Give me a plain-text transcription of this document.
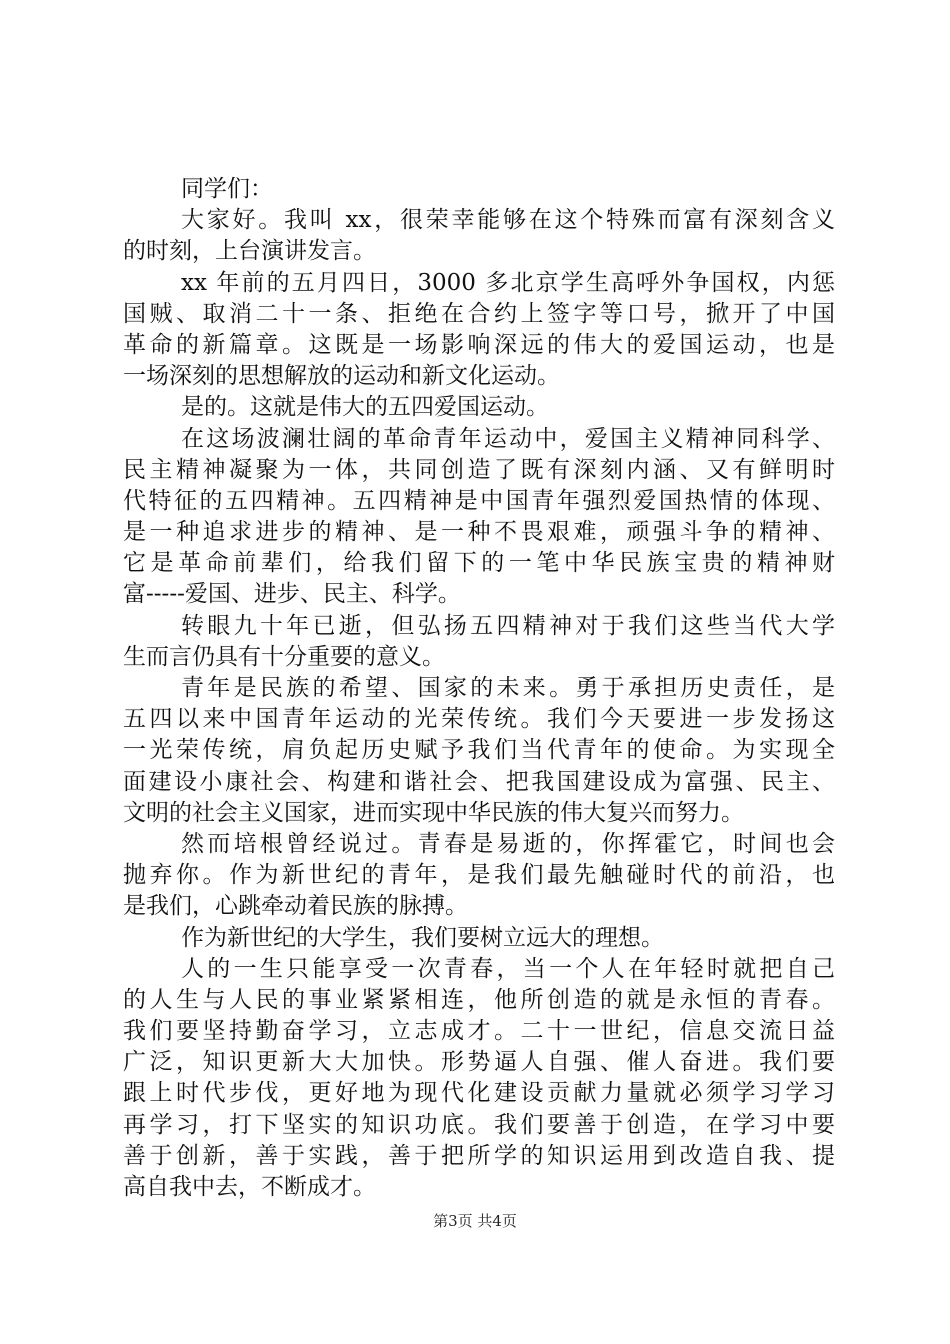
同学们：
大家好。我叫 xx，很荣幸能够在这个特殊而富有深刻含义
的时刻，上台演讲发言。
xx 年前的五月四日，3000 多北京学生高呼外争国权，内惩
国贼、取消二十一条、拒绝在合约上签字等口号，掀开了中国
革命的新篇章。这既是一场影响深远的伟大的爱国运动，也是
一场深刻的思想解放的运动和新文化运动。
是的。这就是伟大的五四爱国运动。
在这场波澜壮阔的革命青年运动中，爱国主义精神同科学、
民主精神凝聚为一体，共同创造了既有深刻内涵、又有鲜明时
代特征的五四精神。五四精神是中国青年强烈爱国热情的体现、
是一种追求进步的精神、是一种不畏艰难，顽强斗争的精神、
它是革命前辈们，给我们留下的一笔中华民族宝贵的精神财
富-----爱国、进步、民主、科学。
转眼九十年已逝，但弘扬五四精神对于我们这些当代大学
生而言仍具有十分重要的意义。
青年是民族的希望、国家的未来。勇于承担历史责任，是
五四以来中国青年运动的光荣传统。我们今天要进一步发扬这
一光荣传统，肩负起历史赋予我们当代青年的使命。为实现全
面建设小康社会、构建和谐社会、把我国建设成为富强、民主、
文明的社会主义国家，进而实现中华民族的伟大复兴而努力。
然而培根曾经说过。青春是易逝的，你挥霍它，时间也会
抛弃你。作为新世纪的青年，是我们最先触碰时代的前沿，也
是我们，心跳牵动着民族的脉搏。
作为新世纪的大学生，我们要树立远大的理想。
人的一生只能享受一次青春，当一个人在年轻时就把自己
的人生与人民的事业紧紧相连，他所创造的就是永恒的青春。
我们要坚持勤奋学习，立志成才。二十一世纪，信息交流日益
广泛，知识更新大大加快。形势逼人自强、催人奋进。我们要
跟上时代步伐，更好地为现代化建设贡献力量就必须学习学习
再学习，打下坚实的知识功底。我们要善于创造，在学习中要
善于创新，善于实践，善于把所学的知识运用到改造自我、提
高自我中去，不断成才。
第3页 共4页
